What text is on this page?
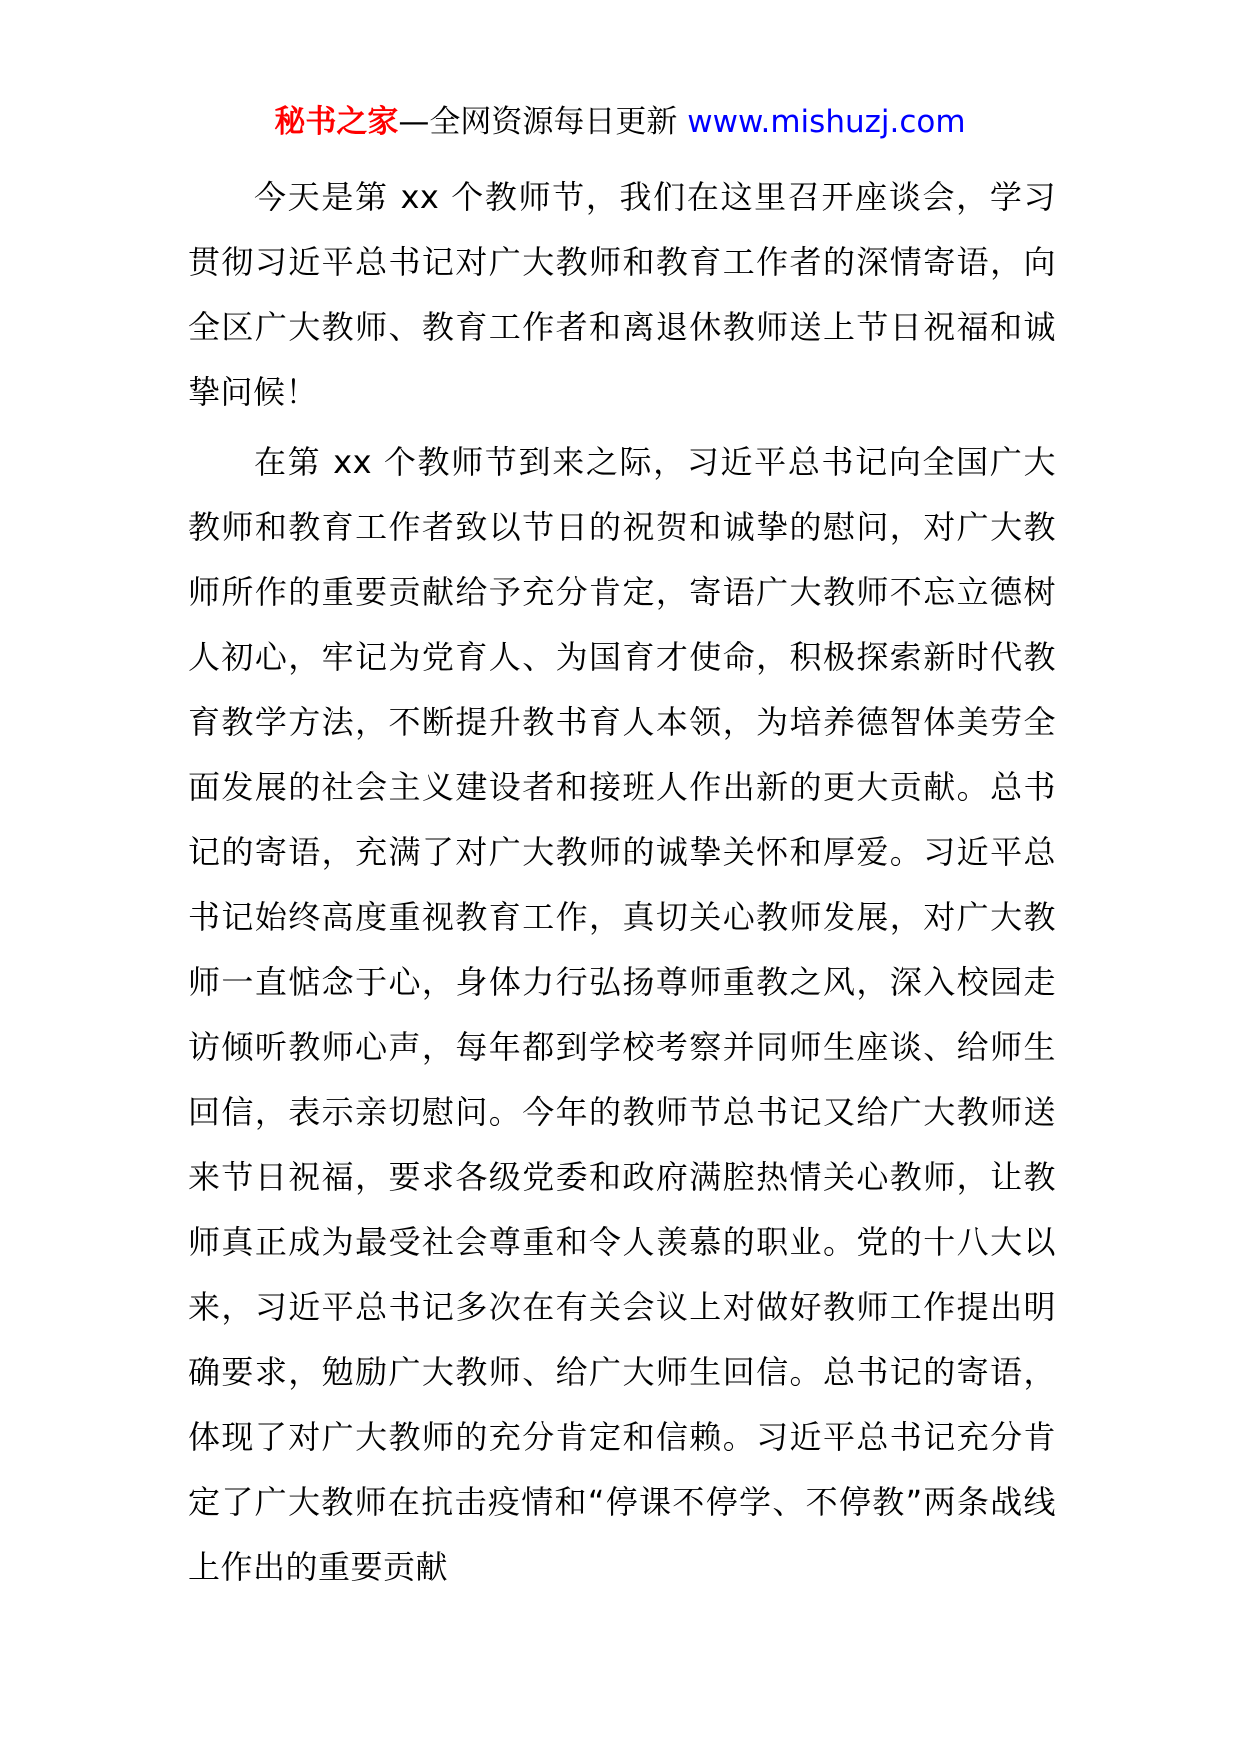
秘书之家—全网资源每日更新 www.mishuzj.com

今天是第 xx 个教师节，我们在这里召开座谈会，学习贯彻习近平总书记对广大教师和教育工作者的深情寄语，向全区广大教师、教育工作者和离退休教师送上节日祝福和诚挚问候！

在第 xx 个教师节到来之际，习近平总书记向全国广大教师和教育工作者致以节日的祝贺和诚挚的慰问，对广大教师所作的重要贡献给予充分肯定，寄语广大教师不忘立德树人初心，牢记为党育人、为国育才使命，积极探索新时代教育教学方法，不断提升教书育人本领，为培养德智体美劳全面发展的社会主义建设者和接班人作出新的更大贡献。总书记的寄语，充满了对广大教师的诚挚关怀和厚爱。习近平总书记始终高度重视教育工作，真切关心教师发展，对广大教师一直惦念于心，身体力行弘扬尊师重教之风，深入校园走访倾听教师心声，每年都到学校考察并同师生座谈、给师生回信，表示亲切慰问。今年的教师节总书记又给广大教师送来节日祝福，要求各级党委和政府满腔热情关心教师，让教师真正成为最受社会尊重和令人羡慕的职业。党的十八大以来，习近平总书记多次在有关会议上对做好教师工作提出明确要求，勉励广大教师、给广大师生回信。总书记的寄语，体现了对广大教师的充分肯定和信赖。习近平总书记充分肯定了广大教师在抗击疫情和“停课不停学、不停教”两条战线上作出的重要贡献
